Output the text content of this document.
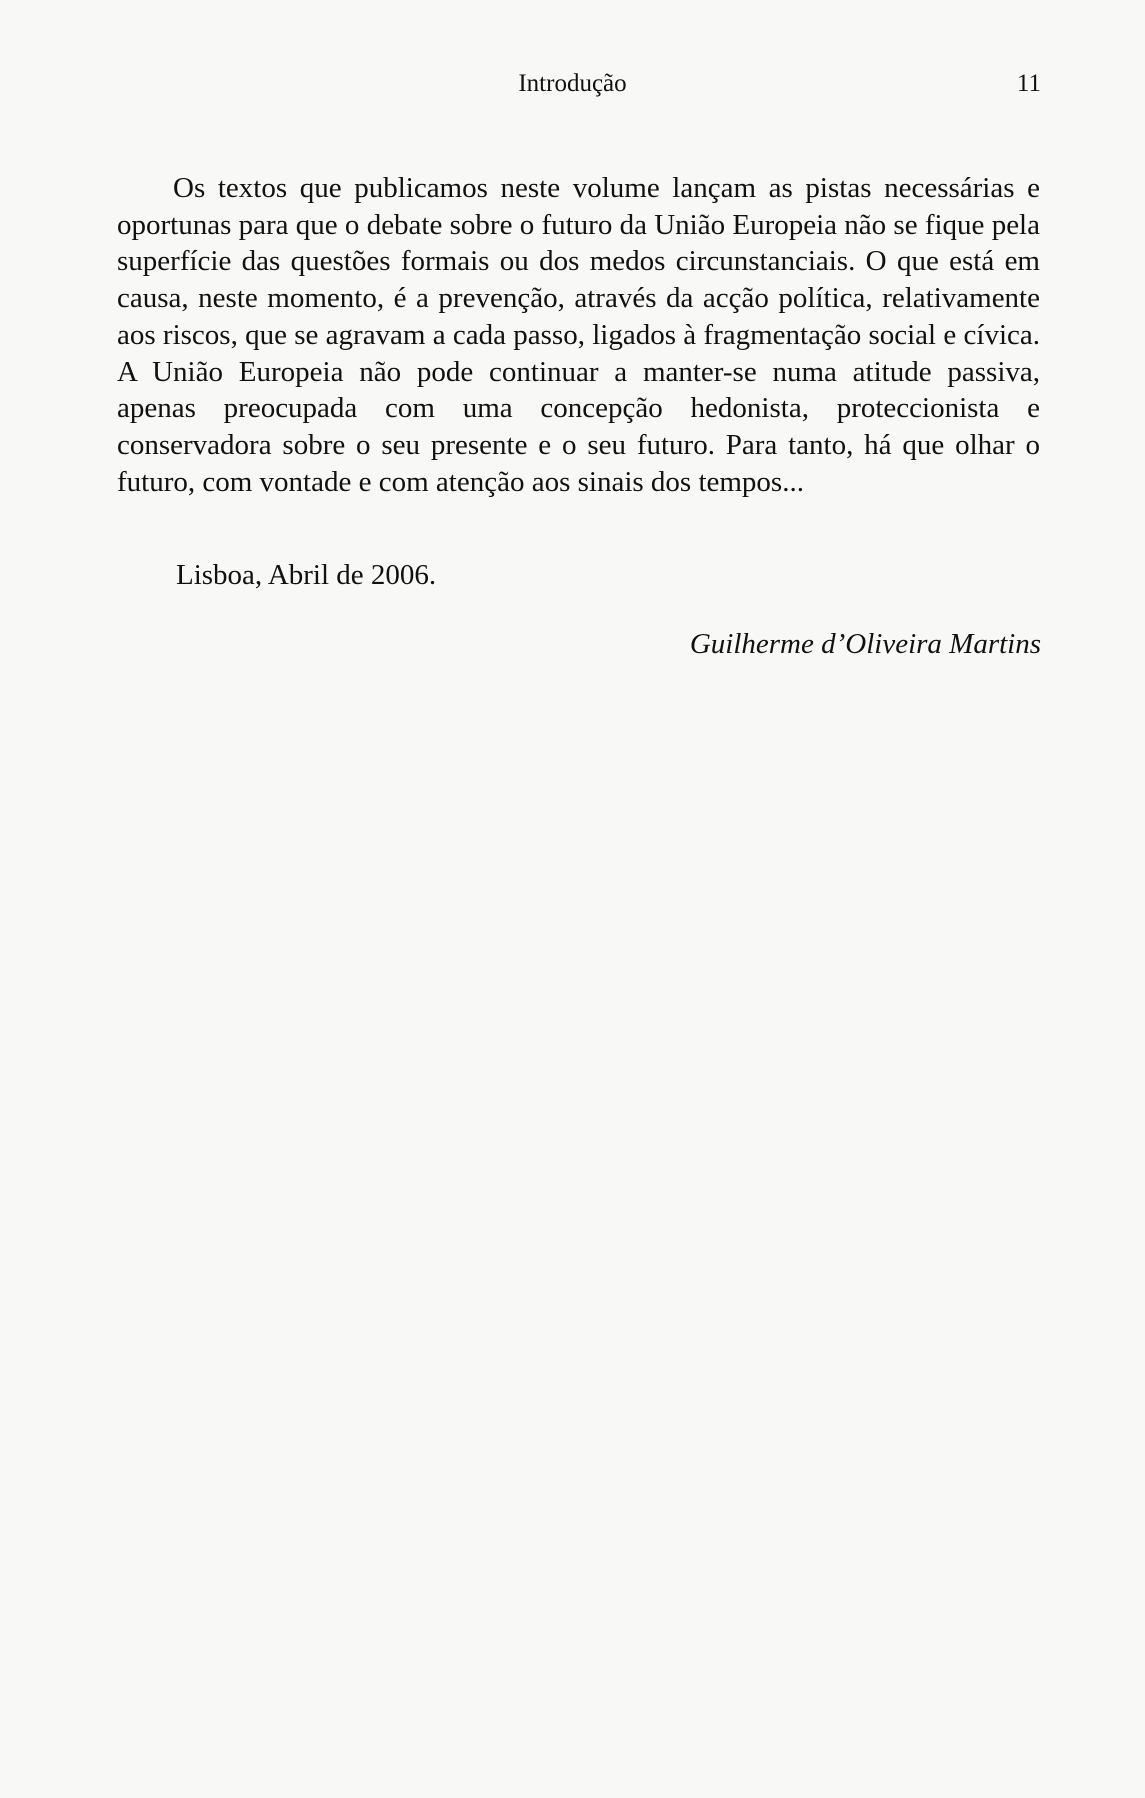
Introdução	11

Os textos que publicamos neste volume lançam as pistas necessárias e oportunas para que o debate sobre o futuro da União Europeia não se fique pela superfície das questões formais ou dos medos circunstanciais. O que está em causa, neste momento, é a prevenção, através da acção política, relativamente aos riscos, que se agravam a cada passo, ligados à fragmentação social e cívica. A União Europeia não pode continuar a manter-se numa atitude passiva, apenas preocupada com uma concepção hedonista, proteccionista e conservadora sobre o seu presente e o seu futuro. Para tanto, há que olhar o futuro, com vontade e com atenção aos sinais dos tempos...

Lisboa, Abril de 2006.
Guilherme d’Oliveira Martins
